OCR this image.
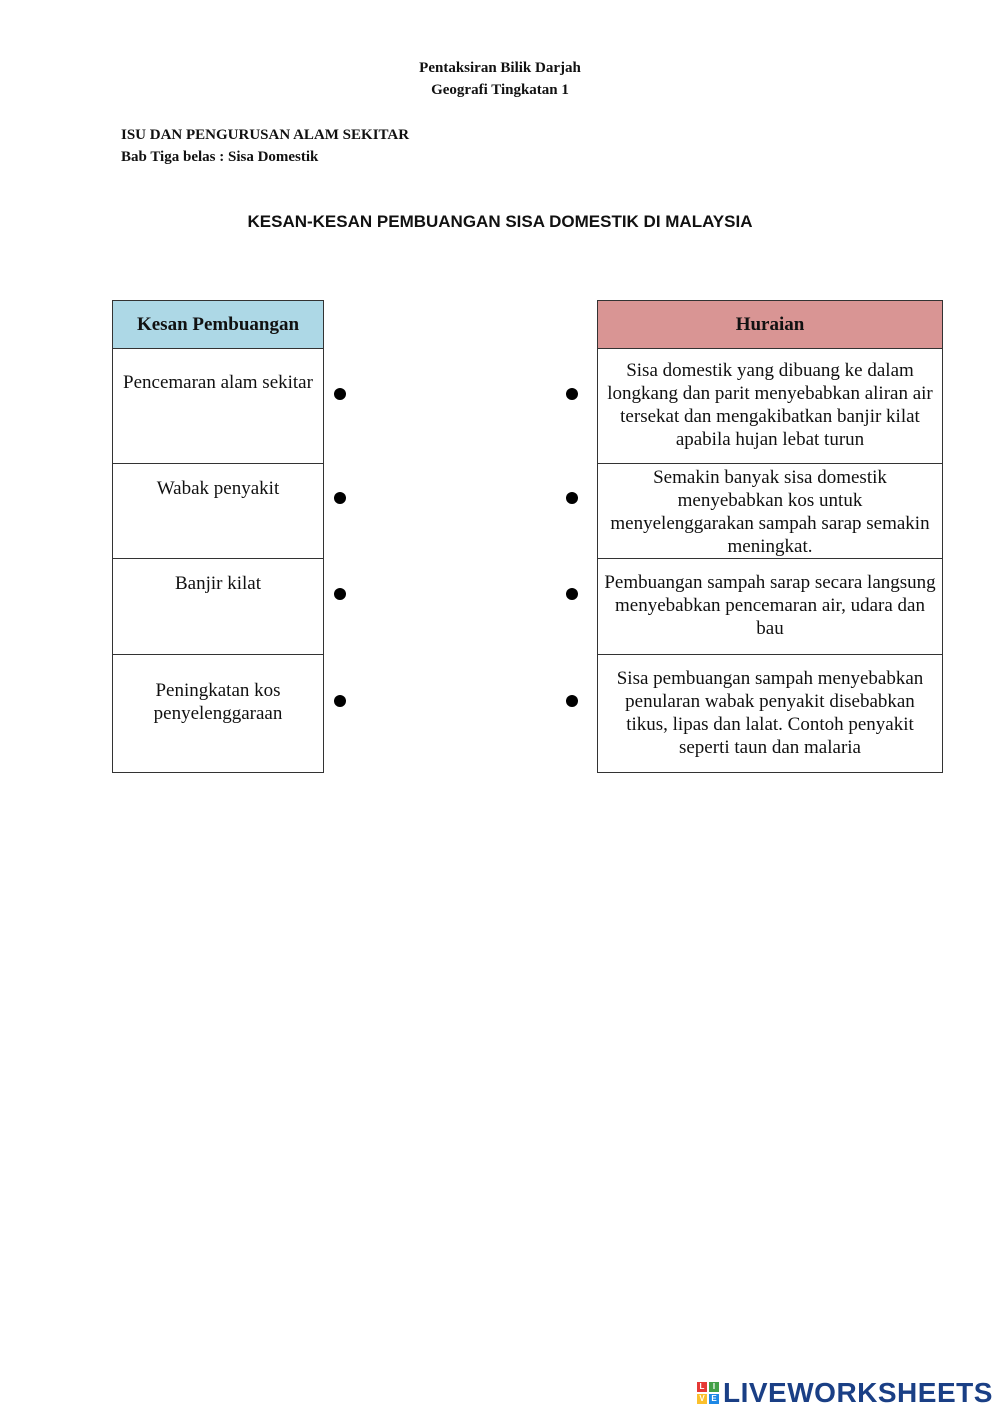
Pentaksiran Bilik Darjah
Geografi Tingkatan 1
ISU DAN PENGURUSAN ALAM SEKITAR
Bab Tiga belas : Sisa Domestik
KESAN-KESAN PEMBUANGAN SISA DOMESTIK DI MALAYSIA
Kesan Pembuangan
Pencemaran alam sekitar
Wabak penyakit
Banjir kilat
Peningkatan kos penyelenggaraan
Huraian
Sisa domestik yang dibuang ke dalam longkang dan parit menyebabkan aliran air tersekat dan mengakibatkan banjir kilat apabila hujan lebat turun
Semakin banyak sisa domestik menyebabkan kos untuk menyelenggarakan sampah sarap semakin meningkat.
Pembuangan sampah sarap secara langsung menyebabkan pencemaran air, udara dan bau
Sisa pembuangan sampah menyebabkan penularan wabak penyakit disebabkan tikus, lipas dan lalat. Contoh penyakit seperti taun dan malaria
L	I
V E LIVEWORKSHEETS
